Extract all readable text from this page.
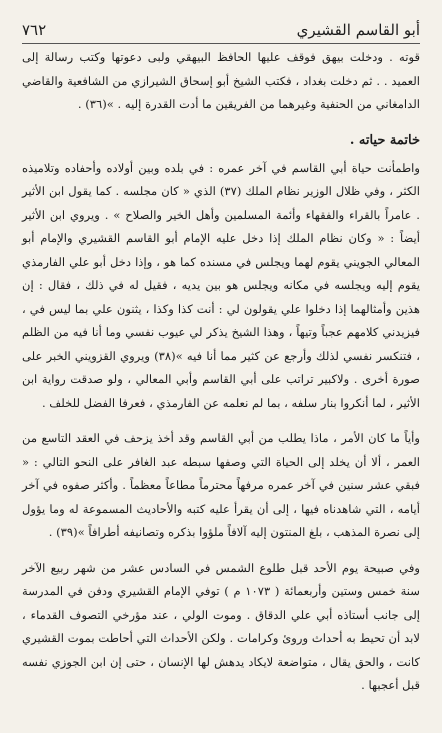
أبو القاسم القشيري
٧٦٢

قوته . ودخلت بيهق فوقف عليها الحافظ البيهقي ولبى دعوتها وكتب رسالة إلى العميد . . ثم دخلت بغداد ، فكتب الشيخ أبو إسحاق الشيرازي من الشافعية والقاضي الدامغاني من الحنفية وغيرهما من الفريقين ما أدت القدرة إليه . »(٣٦) .

خاتمة حياته .

واطمأنت حياة أبي القاسم في آخر عمره : في بلده وبين أولاده وأحفاده وتلاميذه الكثر ، وفي ظلال الوزير نظام الملك (٣٧) الذي « كان مجلسه . كما يقول ابن الأثير . عامراً بالقراء والفقهاء وأئمة المسلمين وأهل الخير والصلاح » . ويروي ابن الأثير أيضاً : « وكان نظام الملك إذا دخل عليه الإمام أبو القاسم القشيري والإمام أبو المعالي الجويني يقوم لهما ويجلس في مسنده كما هو ، وإذا دخل أبو علي الفارمذي يقوم إليه ويجلسه في مكانه ويجلس هو بين يديه ، فقيل له في ذلك ، فقال : إن هذين وأمثالهما إذا دخلوا علي يقولون لي : أنت كذا وكذا ، يثنون علي بما ليس في ، فيزيدني كلامهم عجباً وتيهاً ، وهذا الشيخ يذكر لي عيوب نفسي وما أنا فيه من الظلم ، فتنكسر نفسي لذلك وأرجع عن كثير مما أنا فيه »(٣٨) ويروي القزويني الخبر على صورة أخرى . ولاكبير تراتب على أبي القاسم وأبي المعالي ، ولو صدقت رواية ابن الأثير ، لما أنكروا بنار سلفه ، بما لم نعلمه عن الفارمذي ، فعرفا الفضل للخلف .

وأياً ما كان الأمر ، ماذا يطلب من أبي القاسم وقد أخذ يزحف في العقد التاسع من العمر ، ألا أن يخلد إلى الحياة التي وصفها سبطه عبد الغافر على النحو التالي : « فبقي عشر سنين في آخر عمره مرفهاً محترماً مطاعاً معظماً . وأكثر صفوه في آخر أيامه ، التي شاهدناه فيها ، إلى أن يقرأ عليه كتبه والأحاديث المسموعة له وما يؤول إلى نصرة المذهب ، بلغ المنتون إليه آلافاً ملؤوا بذكره وتصانيفه أطرافاً »(٣٩) .

وفي صبيحة يوم الأحد قبل طلوع الشمس في السادس عشر من شهر ربيع الآخر سنة خمس وستين وأربعمائة ( ١٠٧٣ م ) توفي الإمام القشيري ودفن في المدرسة إلى جانب أستاذه أبي علي الدقاق . وموت الولي ، عند مؤرخي التصوف القدماء ، لابد أن تحيط به أحداث وروئ وكرامات . ولكن الأحداث التي أحاطت بموت القشيري كانت ، والحق يقال ، متواضعة لايكاد يدهش لها الإنسان ، حتى إن ابن الجوزي نفسه قبل أعجبها .
